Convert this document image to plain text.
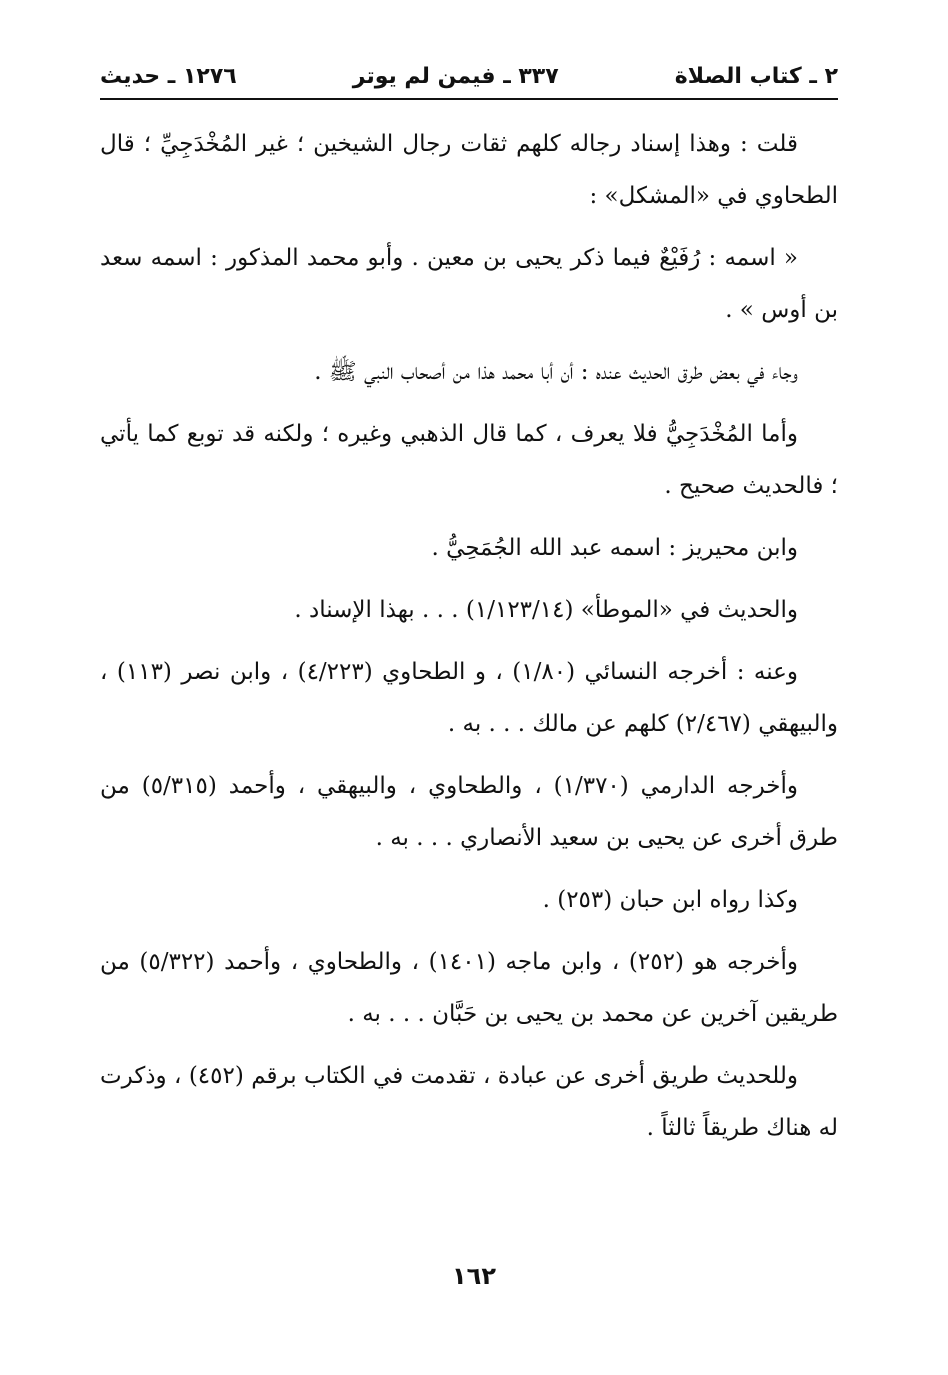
٢ ـ كتاب الصلاة
٣٣٧ ـ فيمن لم يوتر
١٢٧٦ ـ حديث

قلت : وهذا إسناد رجاله كلهم ثقات رجال الشيخين ؛ غير المُخْدَجِيِّ ؛ قال الطحاوي في «المشكل» :

« اسمه : رُفَيْعٌ فيما ذكر يحيى بن معين . وأبو محمد المذكور : اسمه سعد بن أوس » .

وجاء في بعض طرق الحديث عنده : أن أبا محمد هذا من أصحاب النبي ﷺ .

وأما المُخْدَجِيُّ فلا يعرف ، كما قال الذهبي وغيره ؛ ولكنه قد توبع كما يأتي ؛ فالحديث صحيح .

وابن محيريز : اسمه عبد الله الجُمَحِيُّ .

والحديث في «الموطأ» (١/١٢٣/١٤) . . . بهذا الإسناد .

وعنه : أخرجه النسائي (١/٨٠) ، و الطحاوي (٤/٢٢٣) ، وابن نصر (١١٣) ، والبيهقي (٢/٤٦٧) كلهم عن مالك . . . به .

وأخرجه الدارمي (١/٣٧٠) ، والطحاوي ، والبيهقي ، وأحمد (٥/٣١٥) من طرق أخرى عن يحيى بن سعيد الأنصاري . . . به .

وكذا رواه ابن حبان (٢٥٣) .

وأخرجه هو (٢٥٢) ، وابن ماجه (١٤٠١) ، والطحاوي ، وأحمد (٥/٣٢٢) من طريقين آخرين عن محمد بن يحيى بن حَبَّان . . . به .

وللحديث طريق أخرى عن عبادة ، تقدمت في الكتاب برقم (٤٥٢) ، وذكرت له هناك طريقاً ثالثاً .

١٦٢
